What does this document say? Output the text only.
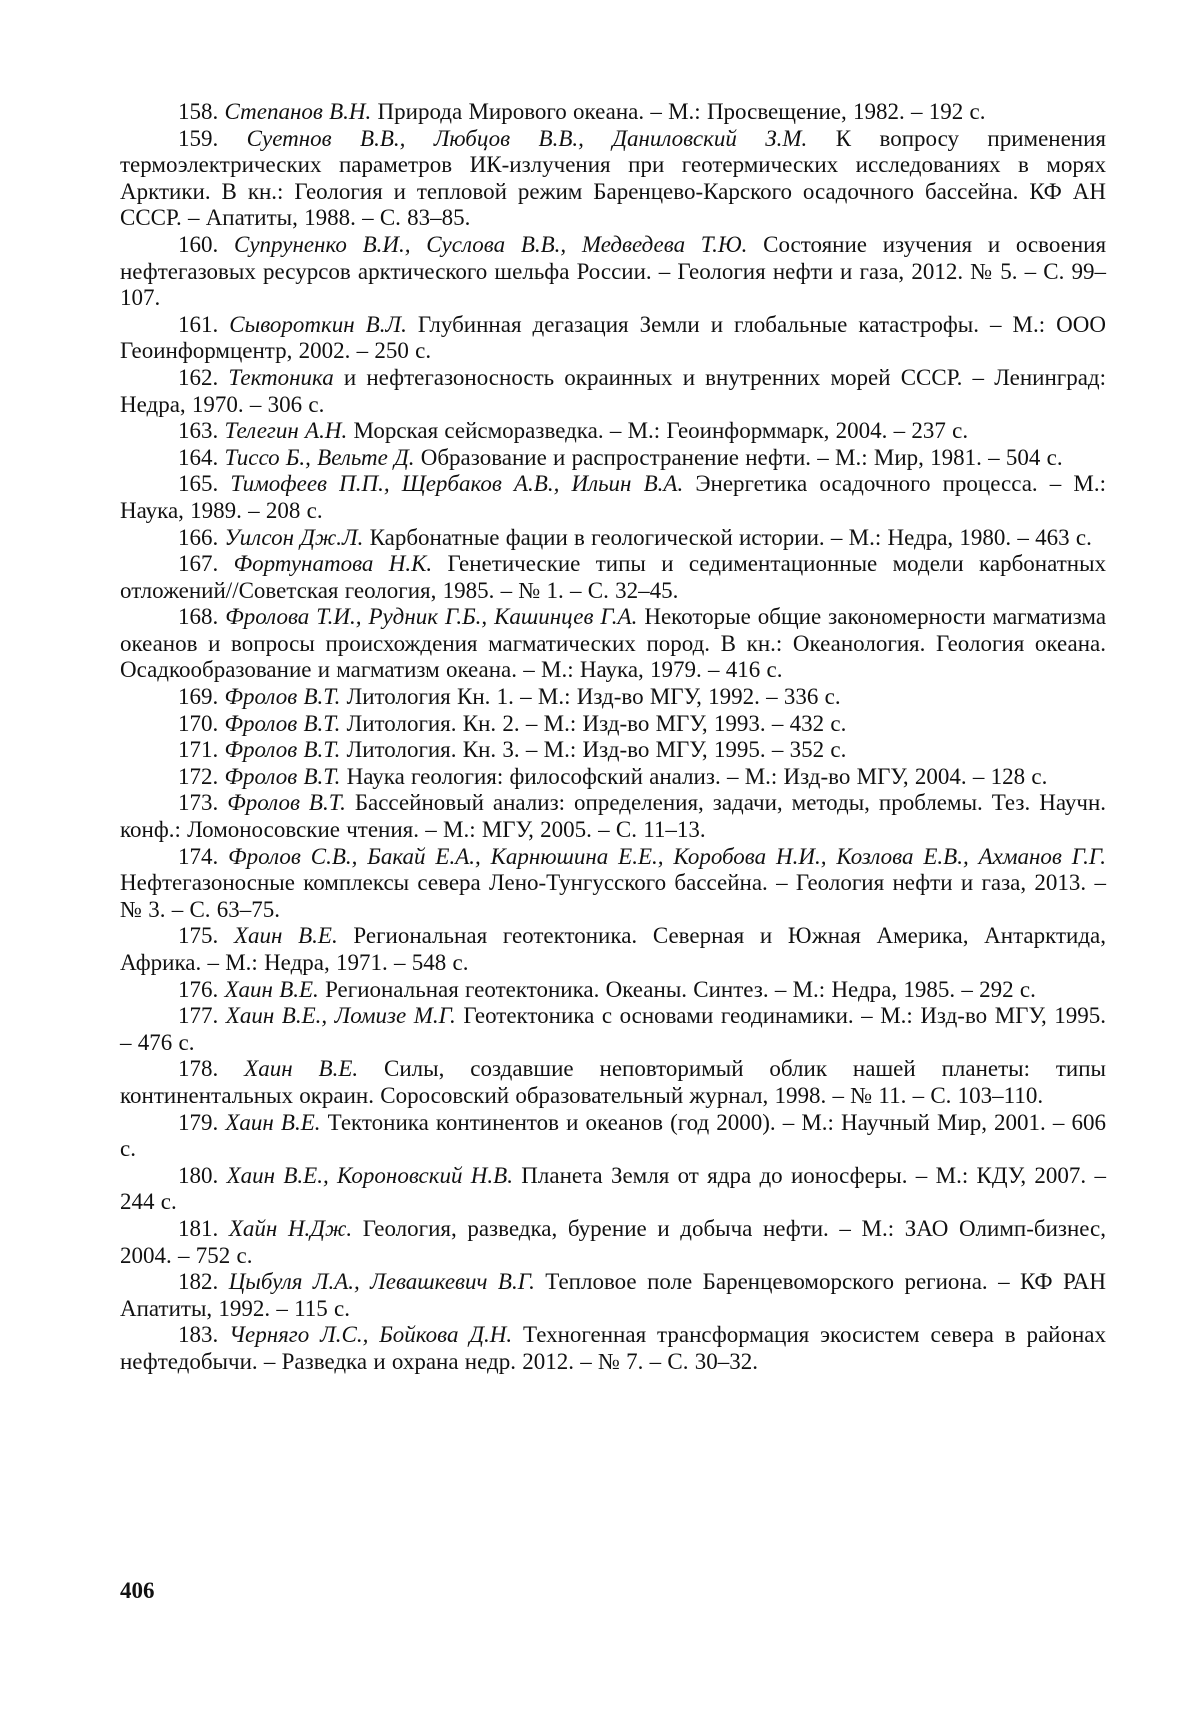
158. Степанов В.Н. Природа Мирового океана. – М.: Просвещение, 1982. – 192 с.

159. Суетнов В.В., Любцов В.В., Даниловский З.М. К вопросу применения термоэлектрических параметров ИК-излучения при геотермических исследованиях в морях Арктики. В кн.: Геология и тепловой режим Баренцево-Карского осадочного бассейна. КФ АН СССР. – Апатиты, 1988. – С. 83–85.

160. Супруненко В.И., Суслова В.В., Медведева Т.Ю. Состояние изучения и освоения нефтегазовых ресурсов арктического шельфа России. – Геология нефти и газа, 2012. № 5. – С. 99–107.

161. Сывороткин В.Л. Глубинная дегазация Земли и глобальные катастрофы. – М.: ООО Геоинформцентр, 2002. – 250 с.

162. Тектоника и нефтегазоносность окраинных и внутренних морей СССР. – Ленинград: Недра, 1970. – 306 с.

163. Телегин А.Н. Морская сейсморазведка. – М.: Геоинформмарк, 2004. – 237 с.

164. Тиссо Б., Вельте Д. Образование и распространение нефти. – М.: Мир, 1981. – 504 с.

165. Тимофеев П.П., Щербаков А.В., Ильин В.А. Энергетика осадочного процесса. – М.: Наука, 1989. – 208 с.

166. Уилсон Дж.Л. Карбонатные фации в геологической истории. – М.: Недра, 1980. – 463 с.

167. Фортунатова Н.К. Генетические типы и седиментационные модели карбонатных отложений//Советская геология, 1985. – № 1. – С. 32–45.

168. Фролова Т.И., Рудник Г.Б., Кашинцев Г.А. Некоторые общие закономерности магматизма океанов и вопросы происхождения магматических пород. В кн.: Океанология. Геология океана. Осадкообразование и магматизм океана. – М.: Наука, 1979. – 416 с.

169. Фролов В.Т. Литология Кн. 1. – М.: Изд-во МГУ, 1992. – 336 с.

170. Фролов В.Т. Литология. Кн. 2. – М.: Изд-во МГУ, 1993. – 432 с.

171. Фролов В.Т. Литология. Кн. 3. – М.: Изд-во МГУ, 1995. – 352 с.

172. Фролов В.Т. Наука геология: философский анализ. – М.: Изд-во МГУ, 2004. – 128 с.

173. Фролов В.Т. Бассейновый анализ: определения, задачи, методы, проблемы. Тез. Научн. конф.: Ломоносовские чтения. – М.: МГУ, 2005. – С. 11–13.

174. Фролов С.В., Бакай Е.А., Карнюшина Е.Е., Коробова Н.И., Козлова Е.В., Ахманов Г.Г. Нефтегазоносные комплексы севера Лено-Тунгусского бассейна. – Геология нефти и газа, 2013. – № 3. – С. 63–75.

175. Хаин В.Е. Региональная геотектоника. Северная и Южная Америка, Антарктида, Африка. – М.: Недра, 1971. – 548 с.

176. Хаин В.Е. Региональная геотектоника. Океаны. Синтез. – М.: Недра, 1985. – 292 с.

177. Хаин В.Е., Ломизе М.Г. Геотектоника с основами геодинамики. – М.: Изд-во МГУ, 1995. – 476 с.

178. Хаин В.Е. Силы, создавшие неповторимый облик нашей планеты: типы континентальных окраин. Соросовский образовательный журнал, 1998. – № 11. – С. 103–110.

179. Хаин В.Е. Тектоника континентов и океанов (год 2000). – М.: Научный Мир, 2001. – 606 с.

180. Хаин В.Е., Короновский Н.В. Планета Земля от ядра до ионосферы. – М.: КДУ, 2007. – 244 с.

181. Хайн Н.Дж. Геология, разведка, бурение и добыча нефти. – М.: ЗАО Олимп-бизнес, 2004. – 752 с.

182. Цыбуля Л.А., Левашкевич В.Г. Тепловое поле Баренцевоморского региона. – КФ РАН Апатиты, 1992. – 115 с.

183. Черняго Л.С., Бойкова Д.Н. Техногенная трансформация экосистем севера в районах нефтедобычи. – Разведка и охрана недр. 2012. – № 7. – С. 30–32.

406
